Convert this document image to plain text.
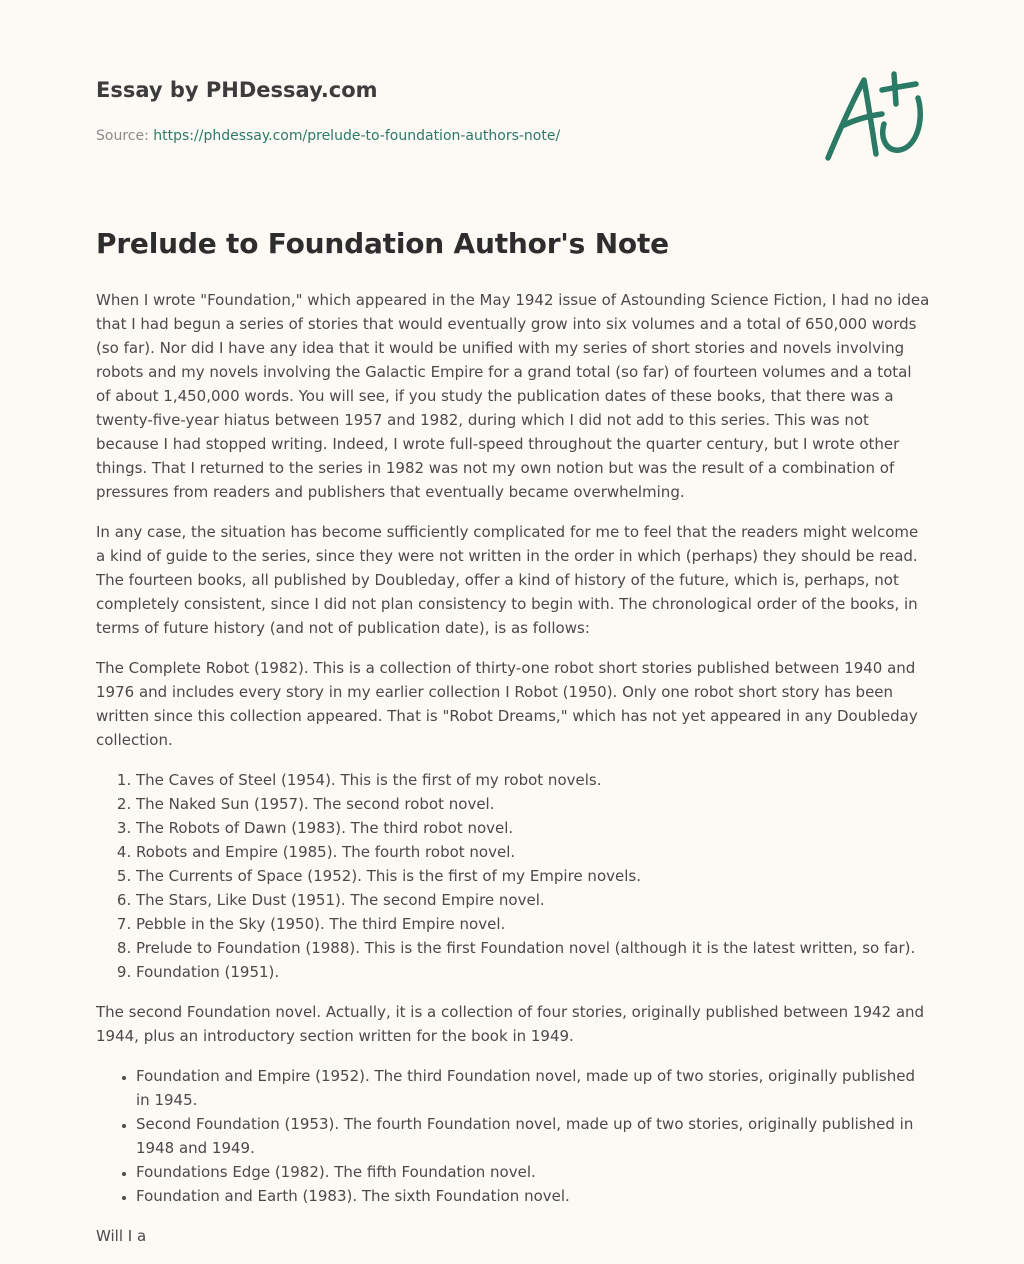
Essay by PHDessay.com

Source: https://phdessay.com/prelude-to-foundation-authors-note/
Prelude to Foundation Author's Note

When I wrote "Foundation," which appeared in the May 1942 issue of Astounding Science Fiction, I had no idea that I had begun a series of stories that would eventually grow into six volumes and a total of 650,000 words (so far). Nor did I have any idea that it would be unified with my series of short stories and novels involving robots and my novels involving the Galactic Empire for a grand total (so far) of fourteen volumes and a total of about 1,450,000 words. You will see, if you study the publication dates of these books, that there was a twenty-five-year hiatus between 1957 and 1982, during which I did not add to this series. This was not because I had stopped writing. Indeed, I wrote full-speed throughout the quarter century, but I wrote other things. That I returned to the series in 1982 was not my own notion but was the result of a combination of pressures from readers and publishers that eventually became overwhelming.

In any case, the situation has become sufficiently complicated for me to feel that the readers might welcome a kind of guide to the series, since they were not written in the order in which (perhaps) they should be read. The fourteen books, all published by Doubleday, offer a kind of history of the future, which is, perhaps, not completely consistent, since I did not plan consistency to begin with. The chronological order of the books, in terms of future history (and not of publication date), is as follows:

The Complete Robot (1982). This is a collection of thirty-one robot short stories published between 1940 and 1976 and includes every story in my earlier collection I Robot (1950). Only one robot short story has been written since this collection appeared. That is "Robot Dreams," which has not yet appeared in any Doubleday collection.

1. The Caves of Steel (1954). This is the first of my robot novels.
2. The Naked Sun (1957). The second robot novel.
3. The Robots of Dawn (1983). The third robot novel.
4. Robots and Empire (1985). The fourth robot novel.
5. The Currents of Space (1952). This is the first of my Empire novels.
6. The Stars, Like Dust (1951). The second Empire novel.
7. Pebble in the Sky (1950). The third Empire novel.
8. Prelude to Foundation (1988). This is the first Foundation novel (although it is the latest written, so far).
9. Foundation (1951).

The second Foundation novel. Actually, it is a collection of four stories, originally published between 1942 and 1944, plus an introductory section written for the book in 1949.

• Foundation and Empire (1952). The third Foundation novel, made up of two stories, originally published in 1945.
• Second Foundation (1953). The fourth Foundation novel, made up of two stories, originally published in 1948 and 1949.
• Foundations Edge (1982). The fifth Foundation novel.
• Foundation and Earth (1983). The sixth Foundation novel.

Will I a
